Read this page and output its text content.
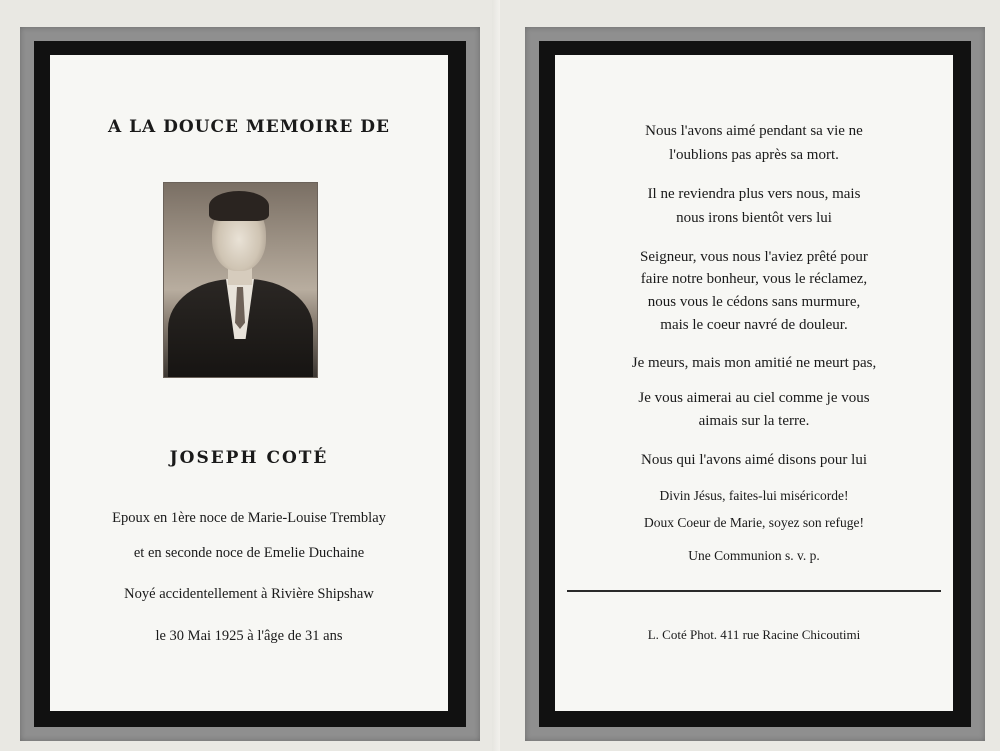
A LA DOUCE MEMOIRE DE
JOSEPH COTÉ
Epoux en 1ère noce de Marie-Louise Tremblay
et en seconde noce de Emelie Duchaine
Noyé accidentellement à Rivière Shipshaw
le 30 Mai 1925 à l'âge de 31 ans
Nous l'avons aimé pendant sa vie ne
l'oublions pas après sa mort.
Il ne reviendra plus vers nous, mais
nous irons bientôt vers lui
Seigneur, vous nous l'aviez prêté pour
faire notre bonheur, vous le réclamez,
nous vous le cédons sans murmure,
mais le coeur navré de douleur.
Je meurs, mais mon amitié ne meurt pas,
Je vous aimerai au ciel comme je vous
aimais sur la terre.
Nous qui l'avons aimé disons pour lui
Divin Jésus, faites-lui miséricorde!
Doux Coeur de Marie, soyez son refuge!
Une Communion s. v. p.
L. Coté Phot. 411 rue Racine Chicoutimi
